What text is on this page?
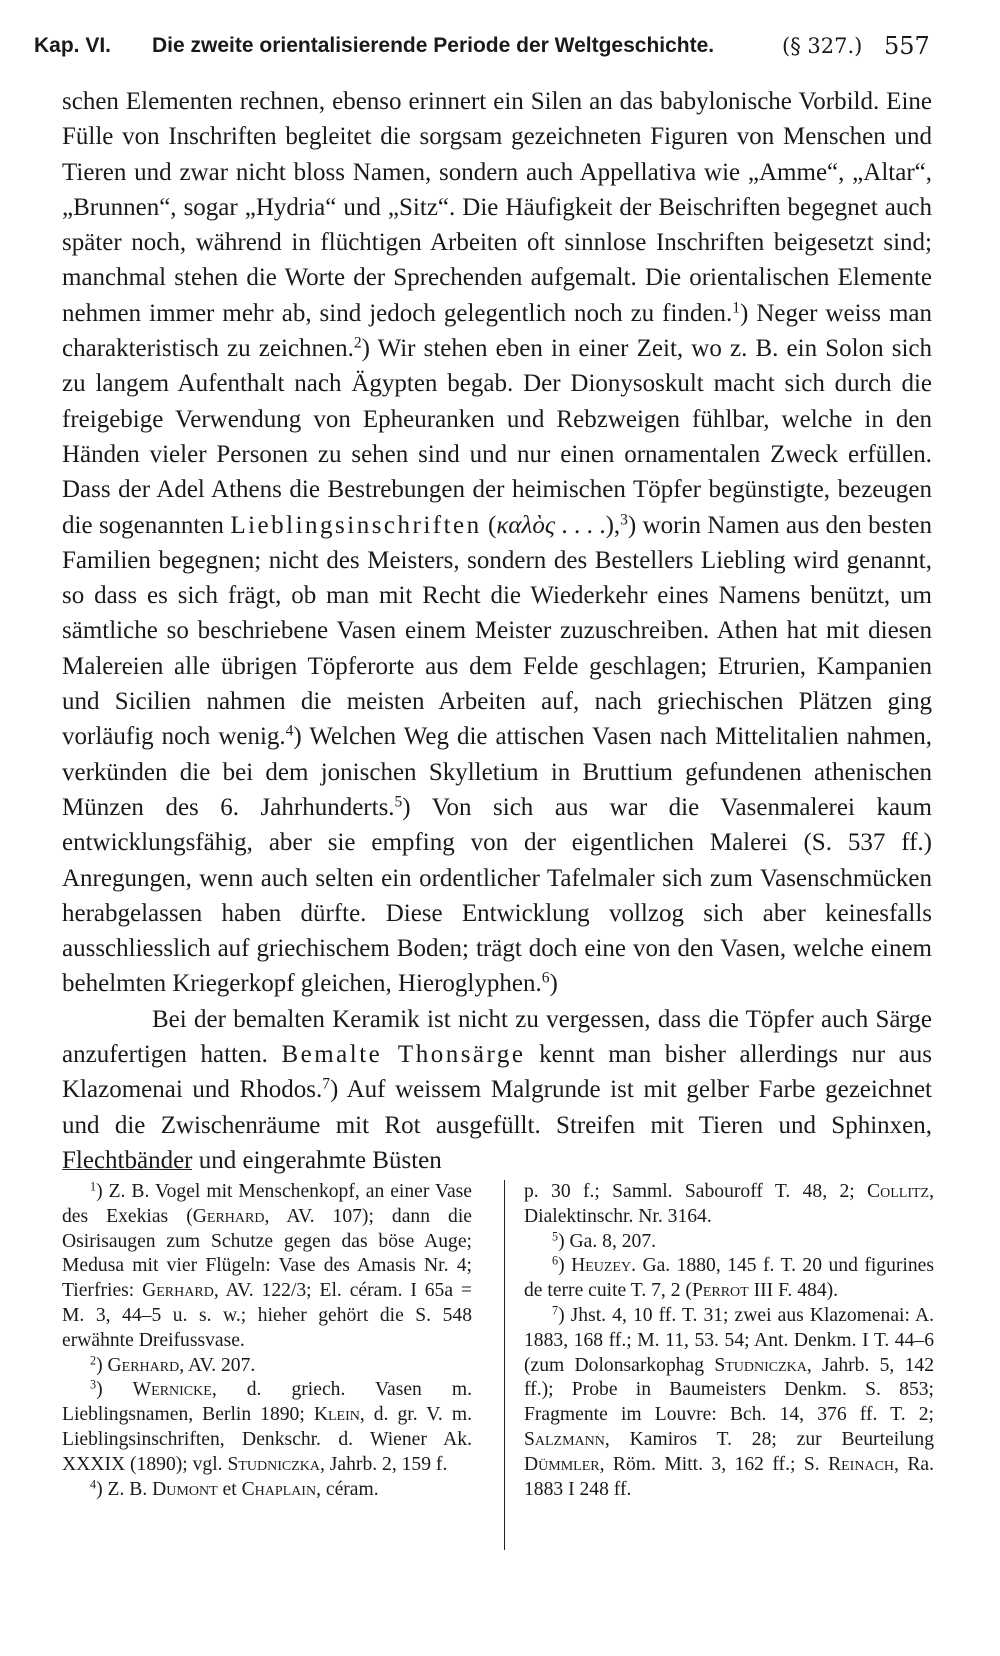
Kap. VI. Die zweite orientalisierende Periode der Weltgeschichte.	(§ 327.) 557

schen Elementen rechnen, ebenso erinnert ein Silen an das babylonische Vorbild. Eine Fülle von Inschriften begleitet die sorgsam gezeichneten Figuren von Menschen und Tieren und zwar nicht bloss Namen, sondern auch Appellativa wie „Amme“, „Altar“, „Brunnen“, sogar „Hydria“ und „Sitz“. Die Häufigkeit der Beischriften begegnet auch später noch, während in flüchtigen Arbeiten oft sinnlose Inschriften beigesetzt sind; manchmal stehen die Worte der Sprechenden aufgemalt. Die orientalischen Elemente nehmen immer mehr ab, sind jedoch gelegentlich noch zu finden.$^1$) Neger weiss man charakteristisch zu zeichnen.$^2$) Wir stehen eben in einer Zeit, wo z. B. ein Solon sich zu langem Aufenthalt nach Ägypten begab. Der Dionysoskult macht sich durch die freigebige Verwendung von Epheuranken und Rebzweigen fühlbar, welche in den Händen vieler Personen zu sehen sind und nur einen ornamentalen Zweck erfüllen. Dass der Adel Athens die Bestrebungen der heimischen Töpfer begünstigte, bezeugen die sogenannten Lieblingsinschriften (καλὸς . . . .),$^3$) worin Namen aus den besten Familien begegnen; nicht des Meisters, sondern des Bestellers Liebling wird genannt, so dass es sich frägt, ob man mit Recht die Wiederkehr eines Namens benützt, um sämtliche so beschriebene Vasen einem Meister zuzuschreiben. Athen hat mit diesen Malereien alle übrigen Töpferorte aus dem Felde geschlagen; Etrurien, Kampanien und Sicilien nahmen die meisten Arbeiten auf, nach griechischen Plätzen ging vorläufig noch wenig.$^4$) Welchen Weg die attischen Vasen nach Mittelitalien nahmen, verkünden die bei dem jonischen Skylletium in Bruttium gefundenen athenischen Münzen des 6. Jahrhunderts.$^5$) Von sich aus war die Vasenmalerei kaum entwicklungsfähig, aber sie empfing von der eigentlichen Malerei (S. 537 ff.) Anregungen, wenn auch selten ein ordentlicher Tafelmaler sich zum Vasenschmücken herabgelassen haben dürfte. Diese Entwicklung vollzog sich aber keinesfalls ausschliesslich auf griechischem Boden; trägt doch eine von den Vasen, welche einem behelmten Kriegerkopf gleichen, Hieroglyphen.$^6$)

Bei der bemalten Keramik ist nicht zu vergessen, dass die Töpfer auch Särge anzufertigen hatten. Bemalte Thonsärge kennt man bisher allerdings nur aus Klazomenai und Rhodos.$^7$) Auf weissem Malgrunde ist mit gelber Farbe gezeichnet und die Zwischenräume mit Rot ausgefüllt. Streifen mit Tieren und Sphinxen, Flechtbänder und eingerahmte Büsten

$^1$) Z. B. Vogel mit Menschenkopf, an einer Vase des Exekias (Gerhard, AV. 107); dann die Osirisaugen zum Schutze gegen das böse Auge; Medusa mit vier Flügeln: Vase des Amasis Nr. 4; Tierfries: Gerhard, AV. 122/3; El. céram. I 65a = M. 3, 44–5 u. s. w.; hieher gehört die S. 548 erwähnte Dreifussvase.

$^2$) Gerhard, AV. 207.

$^3$) Wernicke, d. griech. Vasen m. Lieblingsnamen, Berlin 1890; Klein, d. gr. V. m. Lieblingsinschriften, Denkschr. d. Wiener Ak. XXXIX (1890); vgl. Studniczka, Jahrb. 2, 159 f.

$^4$) Z. B. Dumont et Chaplain, céram.

p. 30 f.; Samml. Sabouroff T. 48, 2; Collitz, Dialektinschr. Nr. 3164.

$^5$) Ga. 8, 207.

$^6$) Heuzey. Ga. 1880, 145 f. T. 20 und figurines de terre cuite T. 7, 2 (Perrot III F. 484).

$^7$) Jhst. 4, 10 ff. T. 31; zwei aus Klazomenai: A. 1883, 168 ff.; M. 11, 53. 54; Ant. Denkm. I T. 44–6 (zum Dolonsarkophag Studniczka, Jahrb. 5, 142 ff.); Probe in Baumeisters Denkm. S. 853; Fragmente im Louvre: Bch. 14, 376 ff. T. 2; Salzmann, Kamiros T. 28; zur Beurteilung Dümmler, Röm. Mitt. 3, 162 ff.; S. Reinach, Ra. 1883 I 248 ff.
